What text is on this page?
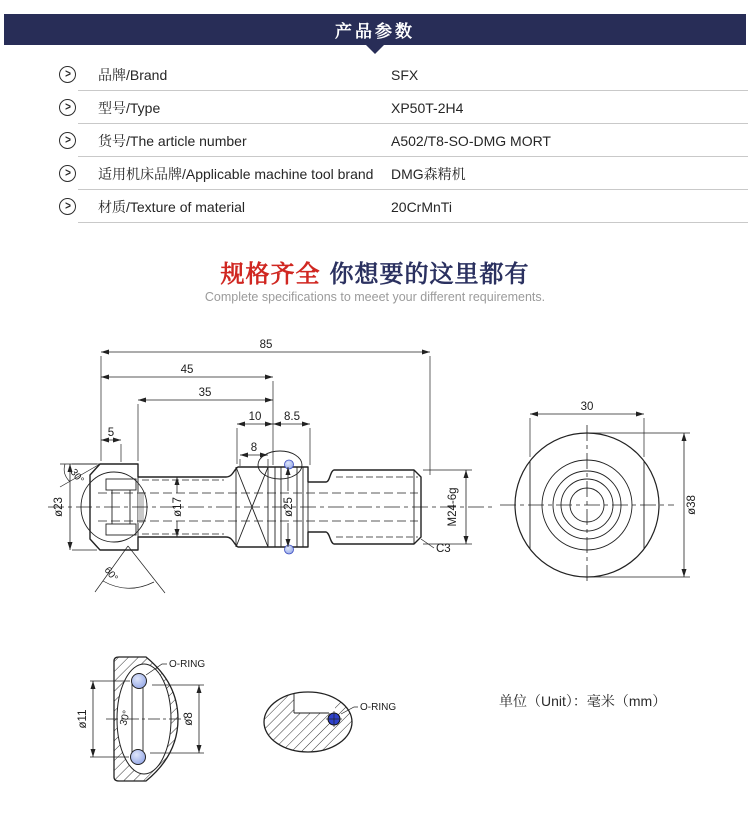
产品参数
> 品牌/Brand	SFX
> 型号/Type	XP50T-2H4
> 货号/The article number	A502/T8-SO-DMG MORT
> 适用机床品牌/Applicable machine tool brand	DMG森精机
> 材质/Texture of material	20CrMnTi
规格齐全 你想要的这里都有
Complete specifications to meeet your different requirements.
85
45
35
10 8.5
5
8
ø23
30°
60°
ø17	ø25	M24-6g
C3
30
ø38
30°
ø11	ø8
O-RING
O-RING	单位（Unit）：毫米（mm）
